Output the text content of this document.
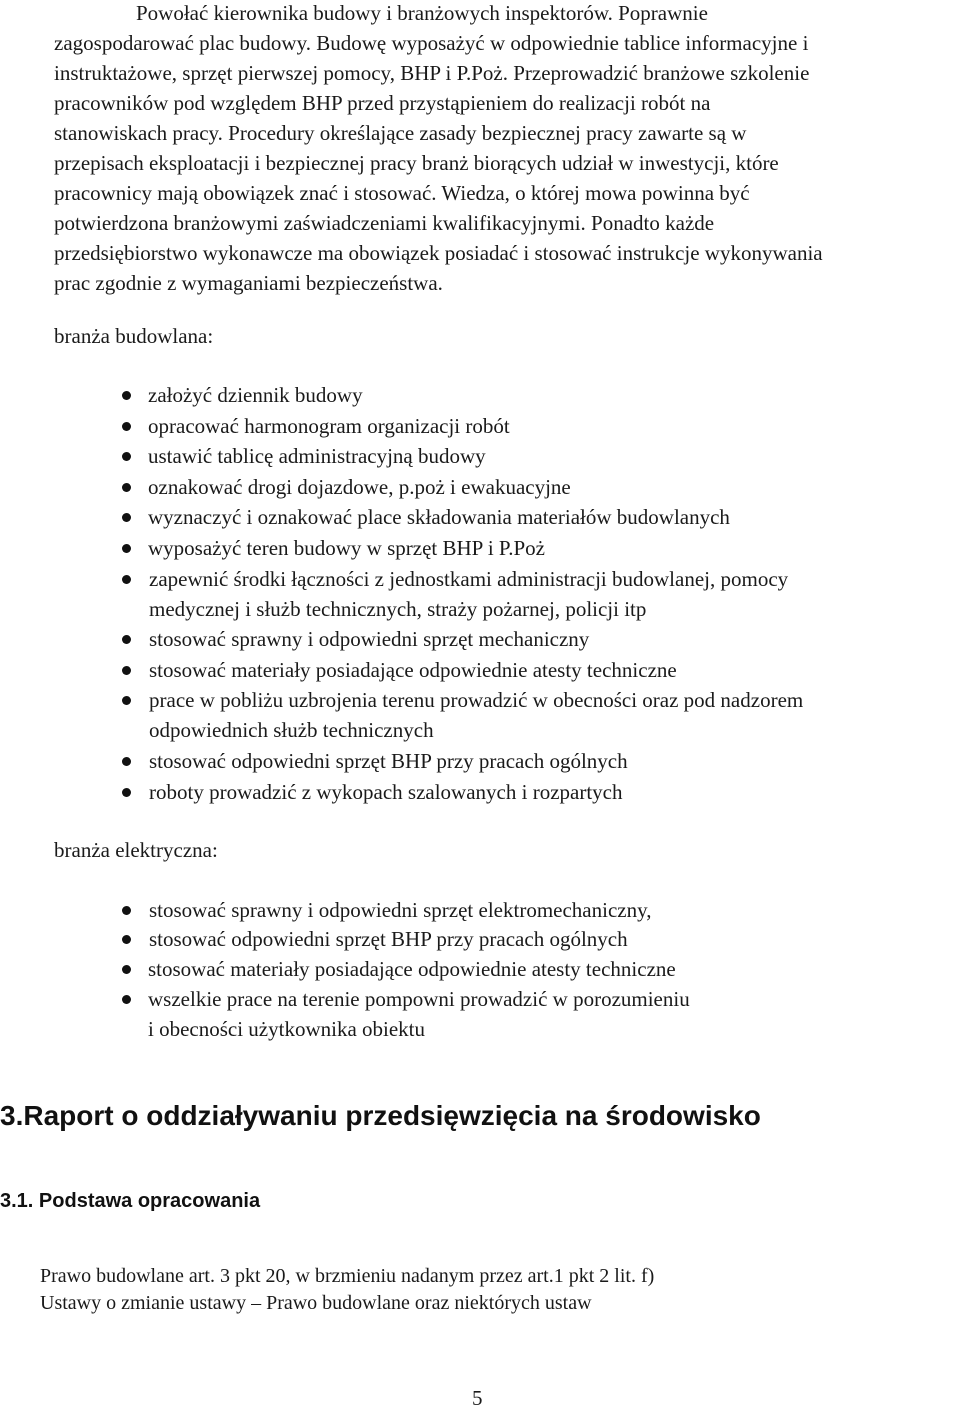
Powołać kierownika budowy i branżowych inspektorów. Poprawnie
zagospodarować plac budowy. Budowę wyposażyć w odpowiednie tablice informacyjne i
instruktażowe, sprzęt pierwszej pomocy, BHP i P.Poż. Przeprowadzić branżowe szkolenie
pracowników pod względem BHP przed przystąpieniem do realizacji robót na
stanowiskach pracy. Procedury określające zasady bezpiecznej pracy zawarte są w
przepisach eksploatacji i bezpiecznej pracy branż biorących udział w inwestycji, które
pracownicy mają obowiązek znać i stosować. Wiedza, o której mowa powinna być
potwierdzona branżowymi zaświadczeniami kwalifikacyjnymi. Ponadto każde
przedsiębiorstwo wykonawcze ma obowiązek posiadać i stosować instrukcje wykonywania
prac zgodnie z wymaganiami bezpieczeństwa.
branża budowlana:
założyć dziennik budowy
opracować harmonogram organizacji robót
ustawić tablicę administracyjną budowy
oznakować drogi dojazdowe, p.poż i ewakuacyjne
wyznaczyć i oznakować place składowania materiałów budowlanych
wyposażyć teren budowy w sprzęt BHP i P.Poż
zapewnić środki łączności z jednostkami administracji budowlanej, pomocy
medycznej i służb technicznych, straży pożarnej, policji itp
stosować sprawny i odpowiedni sprzęt mechaniczny
stosować materiały posiadające odpowiednie atesty techniczne
prace w pobliżu uzbrojenia terenu prowadzić w obecności oraz pod nadzorem
odpowiednich służb technicznych
stosować odpowiedni sprzęt BHP przy pracach ogólnych
roboty prowadzić z wykopach szalowanych i rozpartych
branża elektryczna:
stosować sprawny i odpowiedni sprzęt elektromechaniczny,
stosować odpowiedni sprzęt BHP przy pracach ogólnych
stosować materiały posiadające odpowiednie atesty techniczne
wszelkie prace na terenie pompowni prowadzić w porozumieniu
i obecności użytkownika obiektu
3.Raport o oddziaływaniu przedsięwzięcia na środowisko
3.1. Podstawa opracowania
Prawo budowlane art. 3 pkt 20, w brzmieniu nadanym przez art.1 pkt 2 lit. f)
Ustawy o zmianie ustawy – Prawo budowlane oraz niektórych ustaw
5
